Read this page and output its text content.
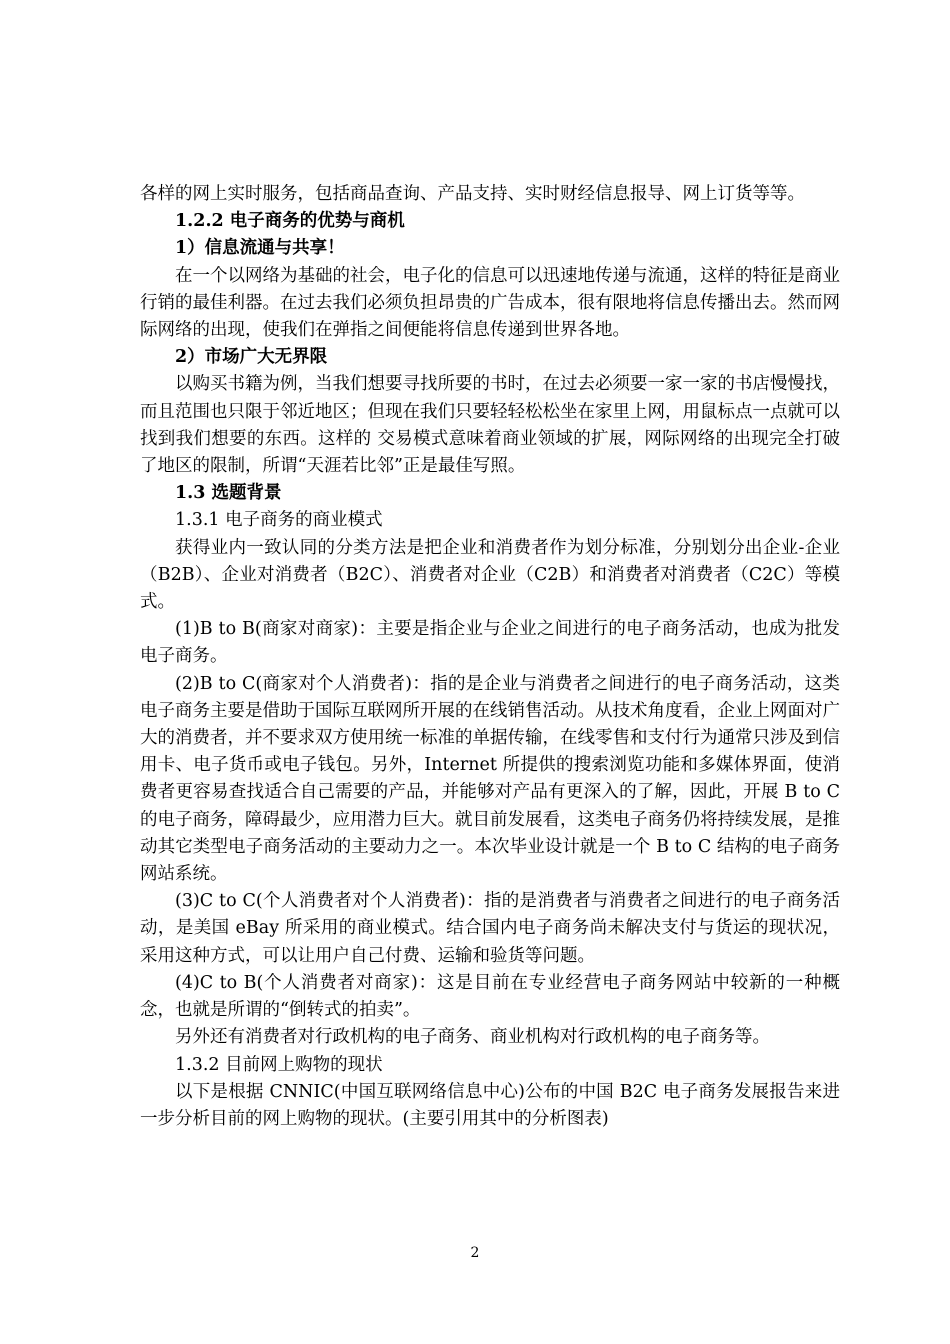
各样的网上实时服务，包括商品查询、产品支持、实时财经信息报导、网上订货等等。

1.2.2 电子商务的优势与商机

1）信息流通与共享！

在一个以网络为基础的社会，电子化的信息可以迅速地传递与流通，这样的特征是商业行销的最佳利器。在过去我们必须负担昂贵的广告成本，很有限地将信息传播出去。然而网际网络的出现，使我们在弹指之间便能将信息传递到世界各地。

2）市场广大无界限

以购买书籍为例，当我们想要寻找所要的书时，在过去必须要一家一家的书店慢慢找，而且范围也只限于邻近地区；但现在我们只要轻轻松松坐在家里上网，用鼠标点一点就可以找到我们想要的东西。这样的 交易模式意味着商业领域的扩展，网际网络的出现完全打破了地区的限制，所谓“天涯若比邻”正是最佳写照。

1.3 选题背景

1.3.1 电子商务的商业模式

获得业内一致认同的分类方法是把企业和消费者作为划分标准，分别划分出企业-企业（B2B）、企业对消费者（B2C）、消费者对企业（C2B）和消费者对消费者（C2C）等模式。

(1)B to B(商家对商家)：主要是指企业与企业之间进行的电子商务活动，也成为批发电子商务。

(2)B to C(商家对个人消费者)：指的是企业与消费者之间进行的电子商务活动，这类电子商务主要是借助于国际互联网所开展的在线销售活动。从技术角度看，企业上网面对广大的消费者，并不要求双方使用统一标准的单据传输，在线零售和支付行为通常只涉及到信用卡、电子货币或电子钱包。另外，Internet 所提供的搜索浏览功能和多媒体界面，使消费者更容易查找适合自己需要的产品，并能够对产品有更深入的了解，因此，开展 B to C 的电子商务，障碍最少，应用潜力巨大。就目前发展看，这类电子商务仍将持续发展，是推动其它类型电子商务活动的主要动力之一。本次毕业设计就是一个 B to C 结构的电子商务网站系统。

(3)C to C(个人消费者对个人消费者)：指的是消费者与消费者之间进行的电子商务活动，是美国 eBay 所采用的商业模式。结合国内电子商务尚未解决支付与货运的现状况，采用这种方式，可以让用户自己付费、运输和验货等问题。

(4)C to B(个人消费者对商家)：这是目前在专业经营电子商务网站中较新的一种概念，也就是所谓的“倒转式的拍卖”。

另外还有消费者对行政机构的电子商务、商业机构对行政机构的电子商务等。

1.3.2 目前网上购物的现状

以下是根据 CNNIC(中国互联网络信息中心)公布的中国 B2C 电子商务发展报告来进一步分析目前的网上购物的现状。(主要引用其中的分析图表)

2
